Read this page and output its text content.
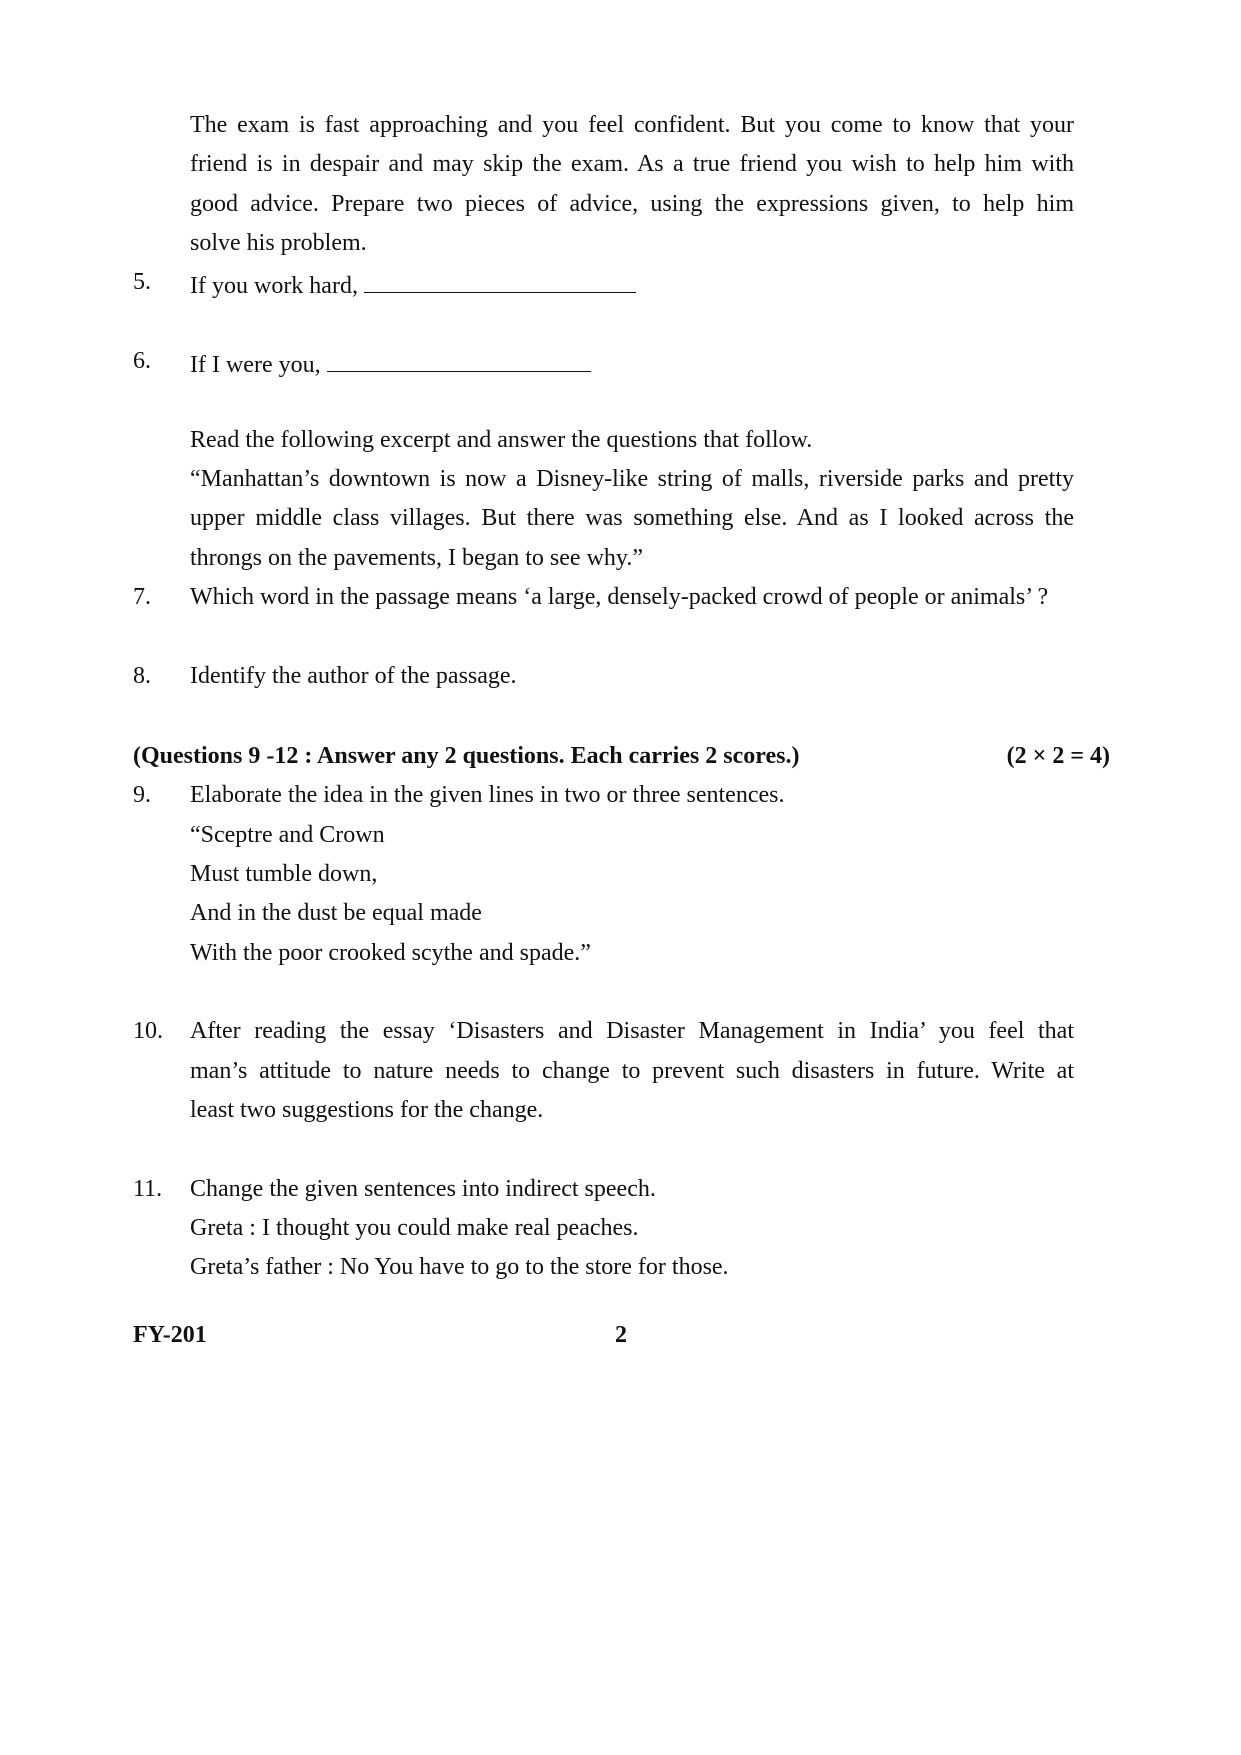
The exam is fast approaching and you feel confident. But you come to know that your
friend is in despair and may skip the exam. As a true friend you wish to help him with
good advice. Prepare two pieces of advice, using the expressions given, to help him
solve his problem.
5. If you work hard,
6. If I were you,
Read the following excerpt and answer the questions that follow.
“Manhattan’s downtown is now a Disney-like string of malls, riverside parks and pretty
upper middle class villages. But there was something else. And as I looked across the
throngs on the pavements, I began to see why.”
7. Which word in the passage means ‘a large, densely-packed crowd of people or animals’ ?
8. Identify the author of the passage.
(Questions 9 -12 : Answer any 2 questions. Each carries 2 scores.)	(2 × 2 = 4)
9. Elaborate the idea in the given lines in two or three sentences.
“Sceptre and Crown
Must tumble down,
And in the dust be equal made
With the poor crooked scythe and spade.”
10. After reading the essay ‘Disasters and Disaster Management in India’ you feel that
man’s attitude to nature needs to change to prevent such disasters in future. Write at
least two suggestions for the change.
11. Change the given sentences into indirect speech.
Greta : I thought you could make real peaches.
Greta’s father : No You have to go to the store for those.
FY-201	2
